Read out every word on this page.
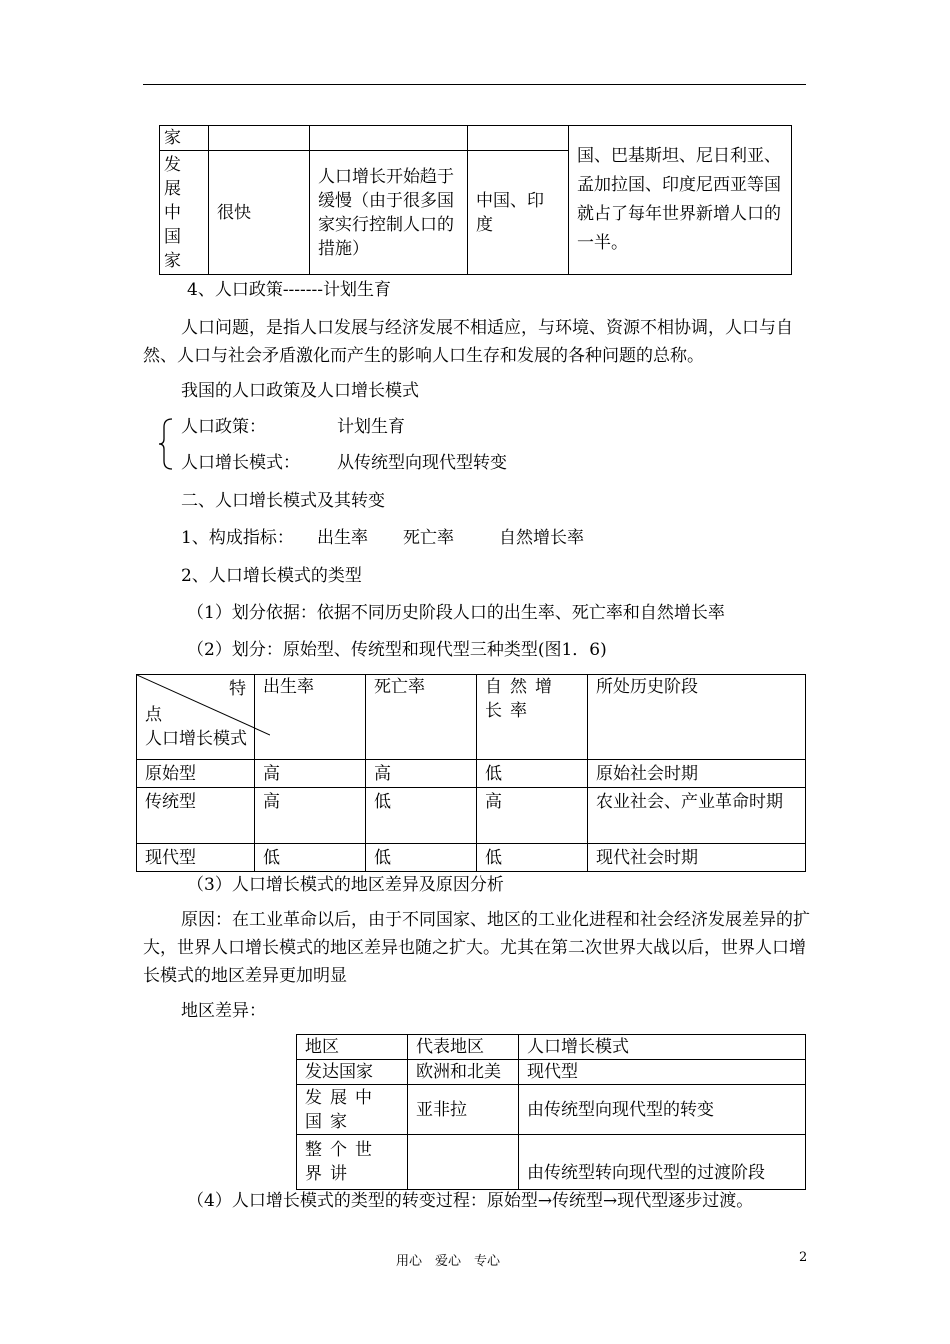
家				国、巴基斯坦、尼日利亚、孟加拉国、印度尼西亚等国就占了每年世界新增人口的一半。

发
展
中
国
家	很快	人口增长开始趋于缓慢（由于很多国家实行控制人口的措施）	中国、印度	
4、人口政策-------计划生育
人口问题，是指人口发展与经济发展不相适应，与环境、资源不相协调，人口与自然、人口与社会矛盾激化而产生的影响人口生存和发展的各种问题的总称。
我国的人口政策及人口增长模式
人口政策：	计划生育
人口增长模式： 从传统型向现代型转变
二、人口增长模式及其转变
1、构成指标： 出生率 死亡率	自然增长率
2、人口增长模式的类型
（1）划分依据：依据不同历史阶段人口的出生率、死亡率和自然增长率
（2）划分：原始型、传统型和现代型三种类型(图1．6)
特
点
人口增长模式	出生率	死亡率	自然增长率	所处历史阶段
原始型	高	高	低	原始社会时期
传统型	高	低	高	农业社会、产业革命时期
现代型	低	低	低	现代社会时期
（3）人口增长模式的地区差异及原因分析
原因：在工业革命以后，由于不同国家、地区的工业化进程和社会经济发展差异的扩大，世界人口增长模式的地区差异也随之扩大。尤其在第二次世界大战以后，世界人口增长模式的地区差异更加明显
地区差异：
地区	代表地区	人口增长模式
发达国家	欧洲和北美	现代型
发展中国家	亚非拉	由传统型向现代型的转变
整个世界讲		由传统型转向现代型的过渡阶段
（4）人口增长模式的类型的转变过程：原始型→传统型→现代型逐步过渡。
用心　爱心　专心	2
